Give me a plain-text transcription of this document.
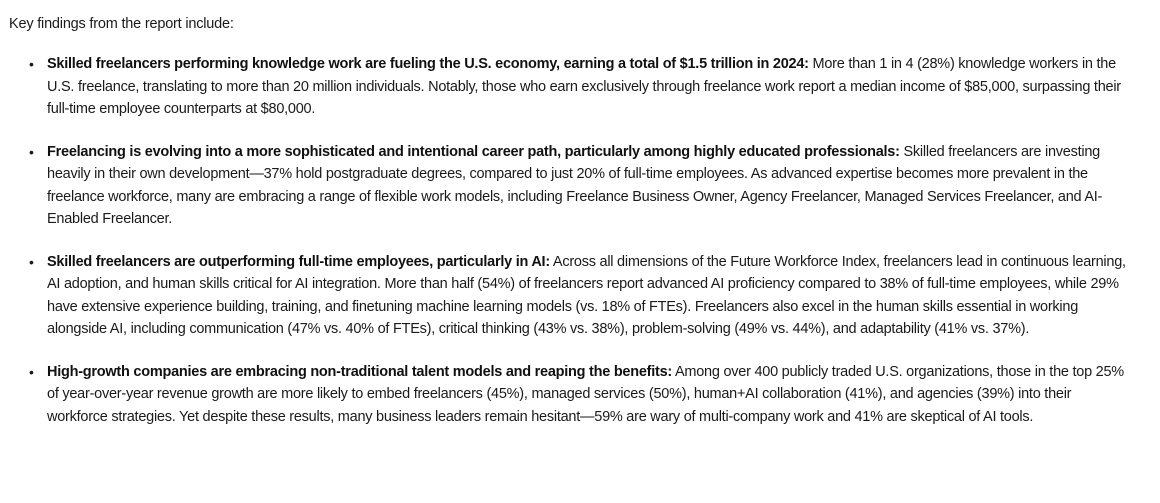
Key findings from the report include:

• Skilled freelancers performing knowledge work are fueling the U.S. economy, earning a total of $1.5 trillion in 2024: More than 1 in 4 (28%) knowledge workers in the U.S. freelance, translating to more than 20 million individuals. Notably, those who earn exclusively through freelance work report a median income of $85,000, surpassing their full-time employee counterparts at $80,000.
• Freelancing is evolving into a more sophisticated and intentional career path, particularly among highly educated professionals: Skilled freelancers are investing heavily in their own development—37% hold postgraduate degrees, compared to just 20% of full-time employees. As advanced expertise becomes more prevalent in the freelance workforce, many are embracing a range of flexible work models, including Freelance Business Owner, Agency Freelancer, Managed Services Freelancer, and AI-Enabled Freelancer.
• Skilled freelancers are outperforming full-time employees, particularly in AI: Across all dimensions of the Future Workforce Index, freelancers lead in continuous learning, AI adoption, and human skills critical for AI integration. More than half (54%) of freelancers report advanced AI proficiency compared to 38% of full-time employees, while 29% have extensive experience building, training, and finetuning machine learning models (vs. 18% of FTEs). Freelancers also excel in the human skills essential in working alongside AI, including communication (47% vs. 40% of FTEs), critical thinking (43% vs. 38%), problem-solving (49% vs. 44%), and adaptability (41% vs. 37%).
• High-growth companies are embracing non-traditional talent models and reaping the benefits: Among over 400 publicly traded U.S. organizations, those in the top 25% of year-over-year revenue growth are more likely to embed freelancers (45%), managed services (50%), human+AI collaboration (41%), and agencies (39%) into their workforce strategies. Yet despite these results, many business leaders remain hesitant—59% are wary of multi-company work and 41% are skeptical of AI tools.
